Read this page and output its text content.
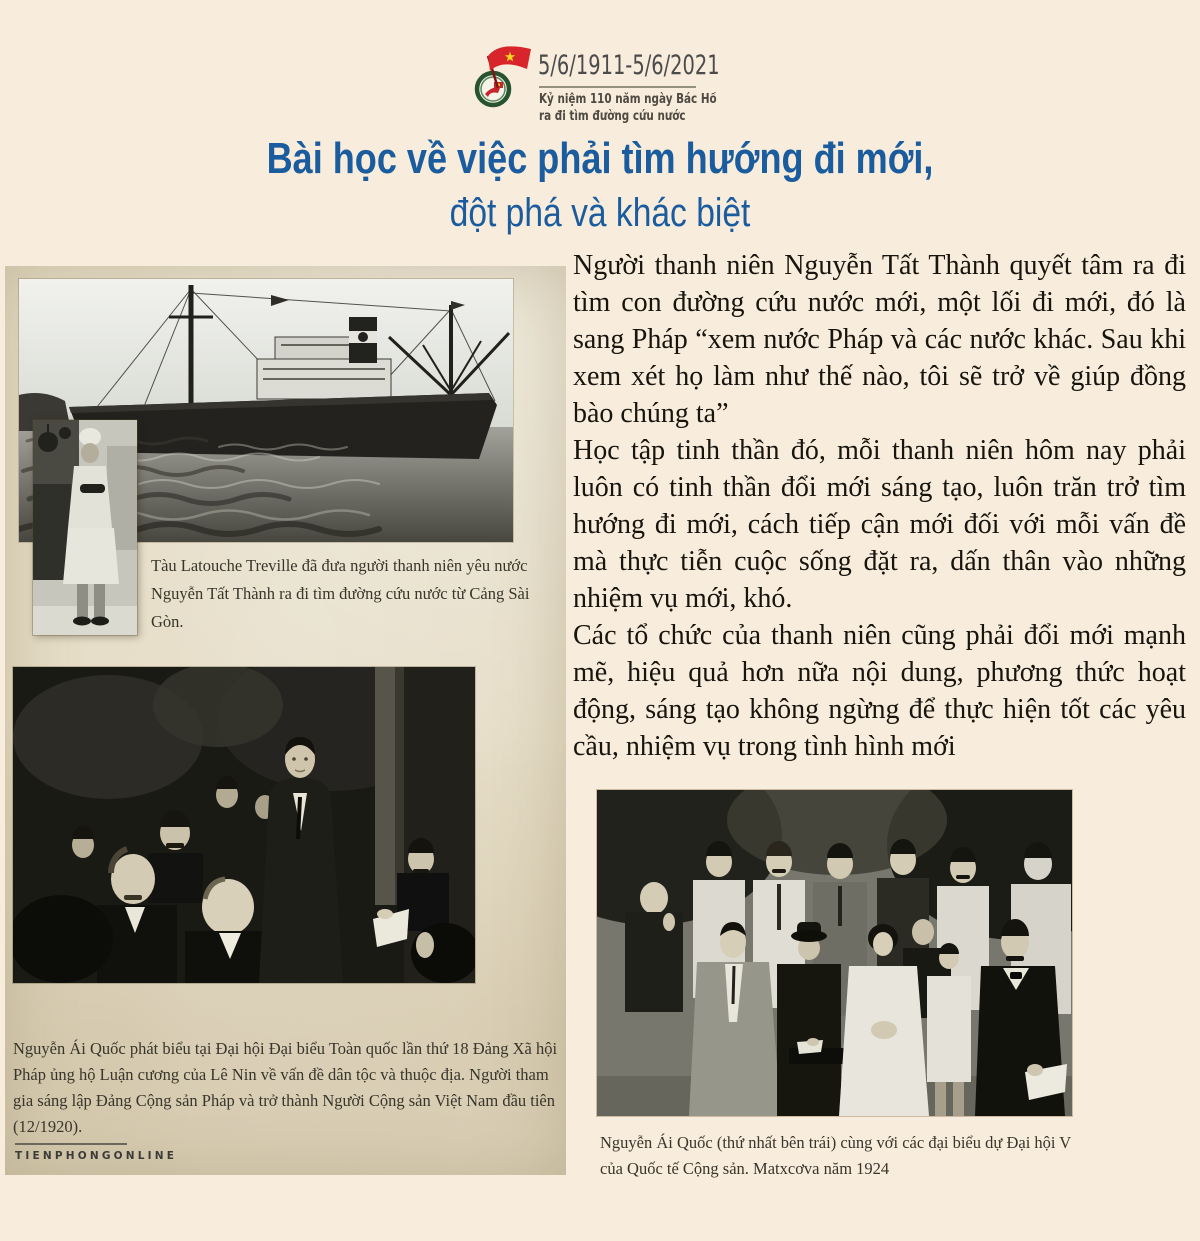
5/6/1911-5/6/2021
Kỷ niệm 110 năm ngày Bác Hồ
ra đi tìm đường cứu nước
Bài học về việc phải tìm hướng đi mới,
đột phá và khác biệt
Tàu Latouche Treville đã đưa người thanh niên yêu nước Nguyễn Tất Thành ra đi tìm đường cứu nước từ Cảng Sài Gòn.
Nguyễn Ái Quốc phát biểu tại Đại hội Đại biểu Toàn quốc lần thứ 18 Đảng Xã hội Pháp ủng hộ Luận cương của Lê Nin về vấn đề dân tộc và thuộc địa. Người tham gia sáng lập Đảng Cộng sản Pháp và trở thành Người Cộng sản Việt Nam đầu tiên (12/1920).
TIENPHONGONLINE

Người thanh niên Nguyễn Tất Thành quyết tâm ra đi tìm con đường cứu nước mới, một lối đi mới, đó là sang Pháp “xem nước Pháp và các nước khác. Sau khi xem xét họ làm như thế nào, tôi sẽ trở về giúp đồng bào chúng ta”

Học tập tinh thần đó, mỗi thanh niên hôm nay phải luôn có tinh thần đổi mới sáng tạo, luôn trăn trở tìm hướng đi mới, cách tiếp cận mới đối với mỗi vấn đề mà thực tiễn cuộc sống đặt ra, dấn thân vào những nhiệm vụ mới, khó.

Các tổ chức của thanh niên cũng phải đổi mới mạnh mẽ, hiệu quả hơn nữa nội dung, phương thức hoạt động, sáng tạo không ngừng để thực hiện tốt các yêu cầu, nhiệm vụ trong tình hình mới

Nguyễn Ái Quốc (thứ nhất bên trái) cùng với các đại biểu dự Đại hội V của Quốc tế Cộng sản. Matxcơva năm 1924
